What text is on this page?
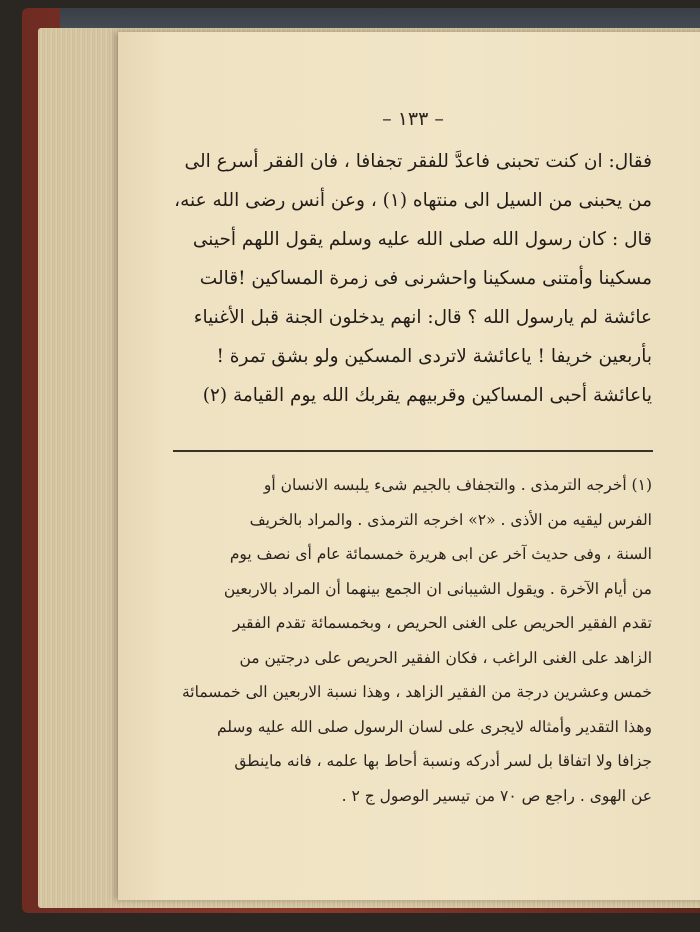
– ١٣٣ –
فقال: ان كنت تحبنى فاعدَّ للفقر تجفافا ، فان الفقر أسرع الى
من يحبنى من السيل الى منتهاه (١) ، وعن أنس رضى الله عنه،
قال : كان رسول الله صلى الله عليه وسلم يقول اللهم أحينى
مسكينا وأمتنى مسكينا واحشرنى فى زمرة المساكين !قالت
عائشة لم يارسول الله ؟ قال: انهم يدخلون الجنة قبل الأغنياء
بأربعين خريفا ! ياعائشة لاتردى المسكين ولو بشق تمرة !
ياعائشة أحبى المساكين وقربيهم يقربك الله يوم القيامة (٢)
(١) أخرجه الترمذى . والتجفاف بالجيم شىء يلبسه الانسان أو
الفرس ليقيه من الأذى . «٢» اخرجه الترمذى . والمراد بالخريف
السنة ، وفى حديث آخر عن ابى هريرة خمسمائة عام أى نصف يوم
من أيام الآخرة . ويقول الشيبانى ان الجمع بينهما أن المراد بالاربعين
تقدم الفقير الحريص على الغنى الحريص ، وبخمسمائة تقدم الفقير
الزاهد على الغنى الراغب ، فكان الفقير الحريص على درجتين من
خمس وعشرين درجة من الفقير الزاهد ، وهذا نسبة الاربعين الى خمسمائة
وهذا التقدير وأمثاله لايجرى على لسان الرسول صلى الله عليه وسلم
جزافا ولا اتفاقا بل لسر أدركه ونسبة أحاط بها علمه ، فانه ماينطق
عن الهوى . راجع ص ٧٠ من تيسير الوصول ج ٢ .
